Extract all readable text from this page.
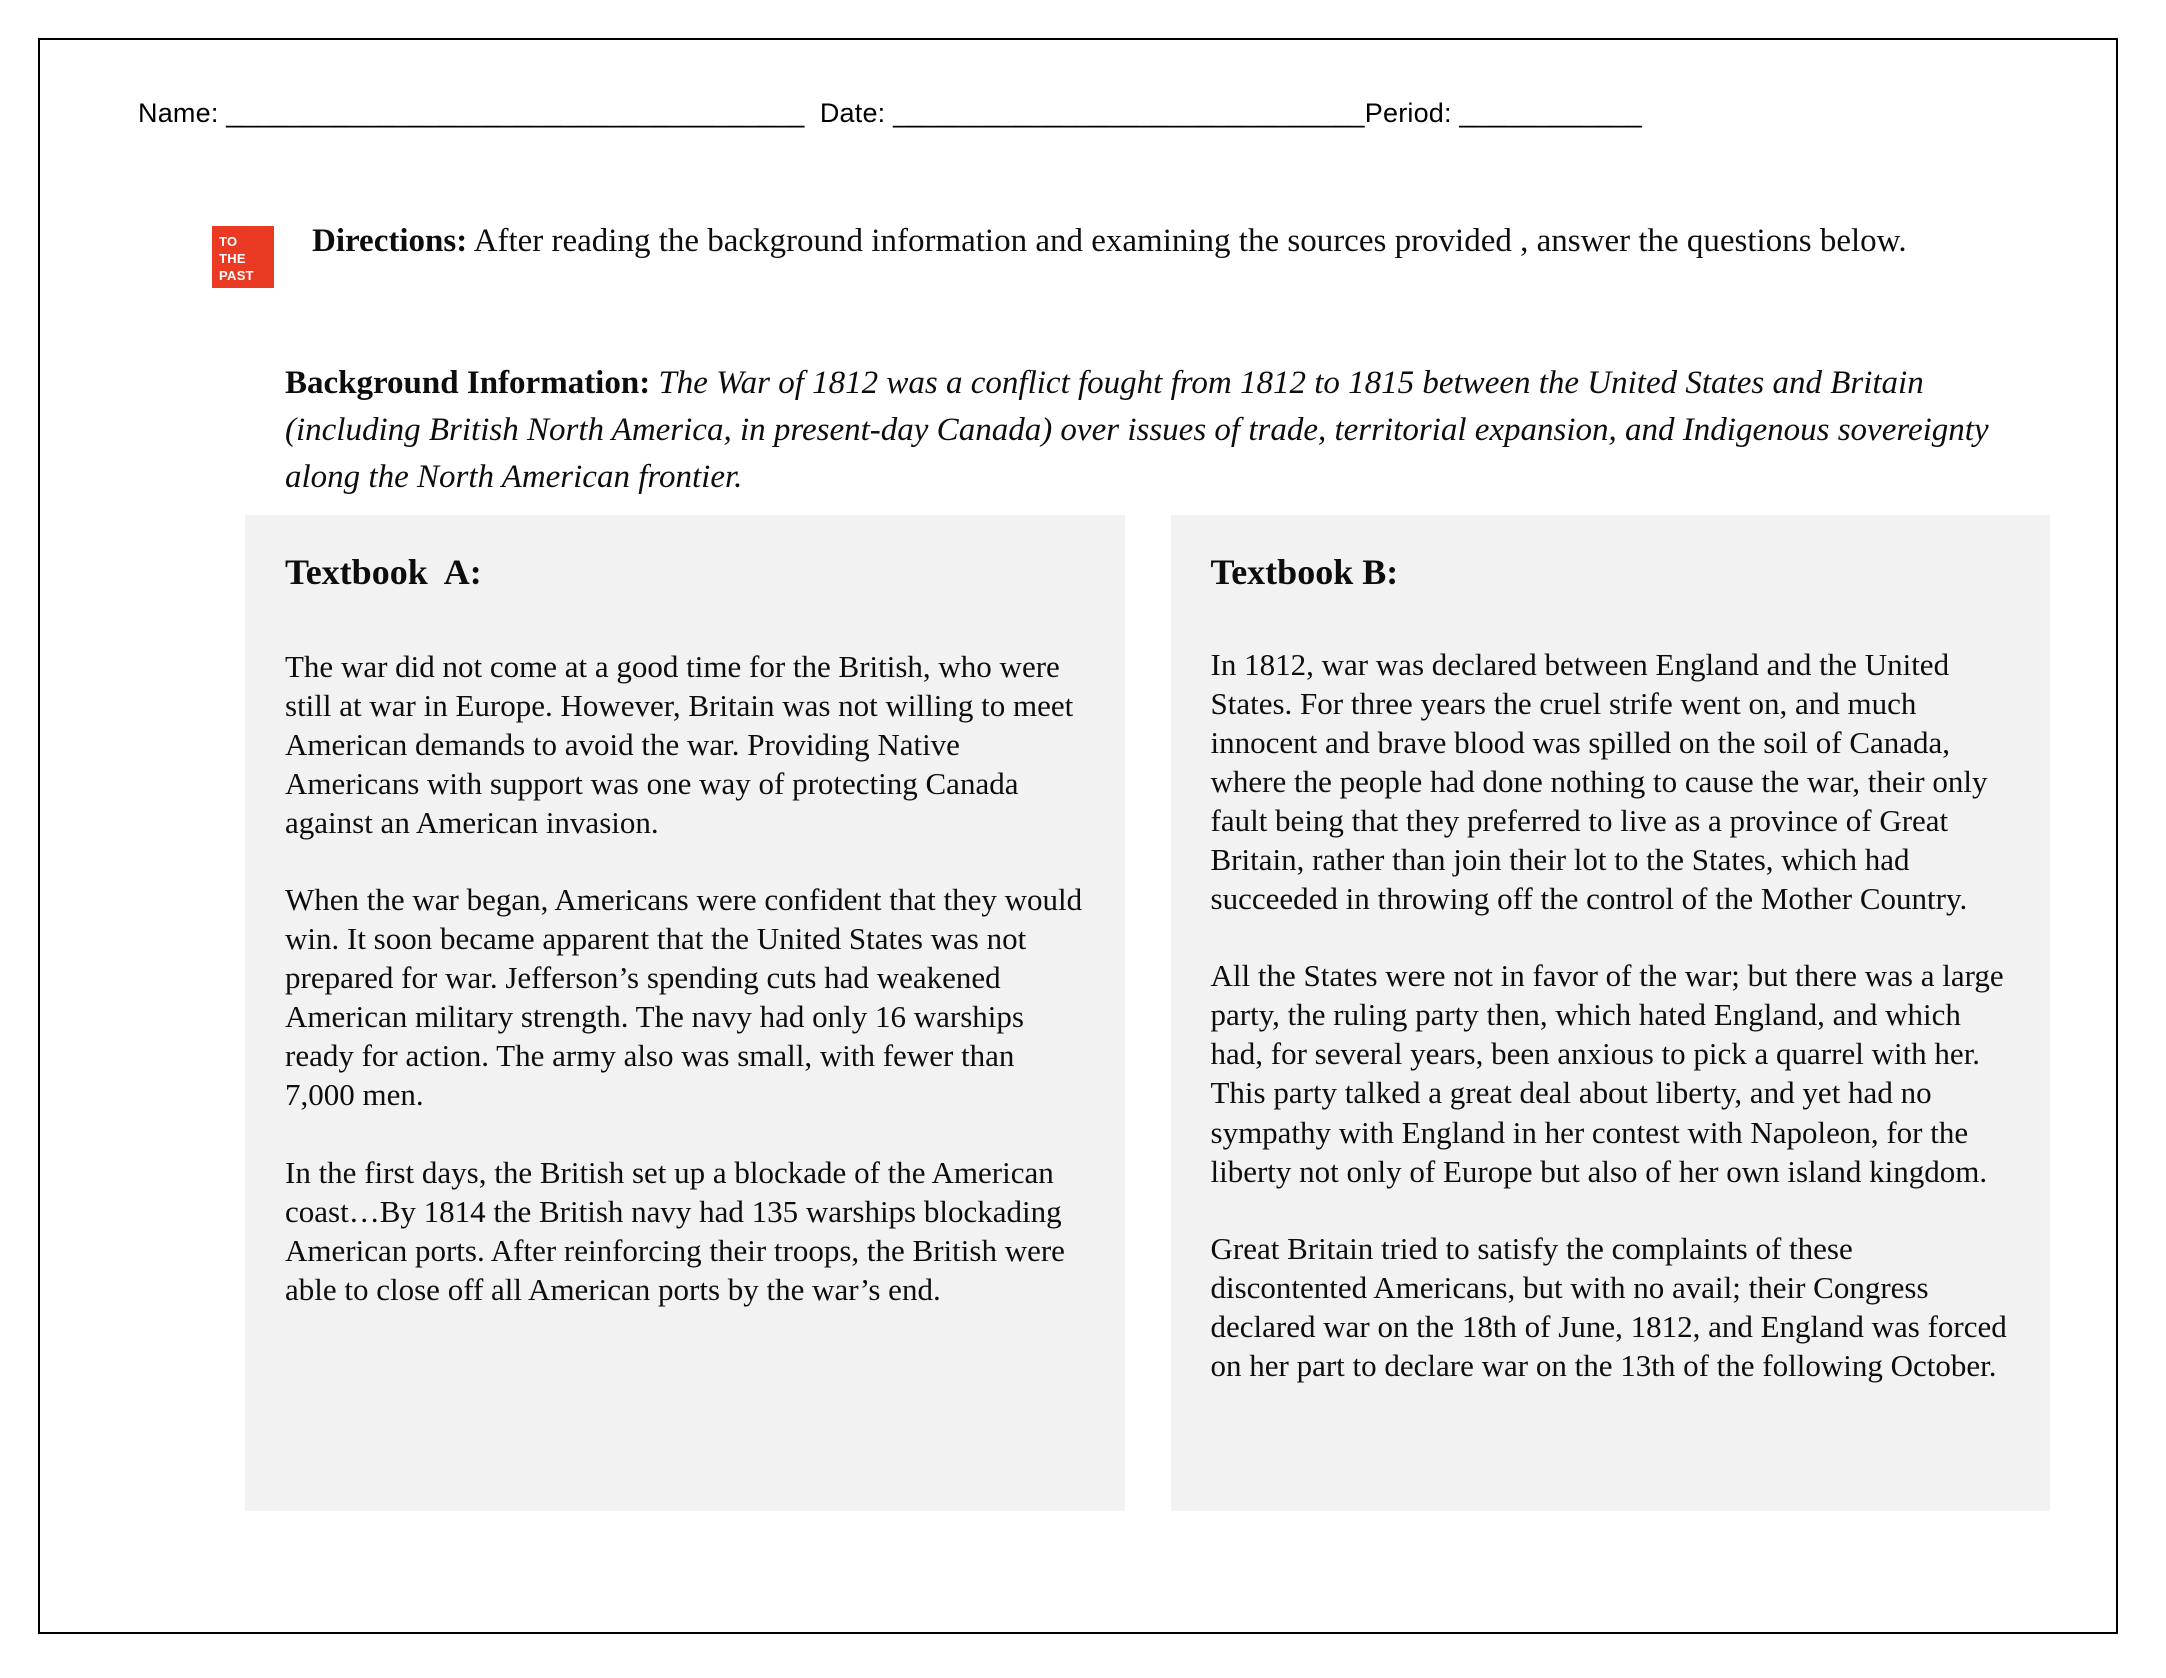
Name: ______________________________________  Date: _______________________________Period: ____________
TO
THE
PAST
Directions: After reading the background information and examining the sources provided , answer the questions below.
Background Information: The War of 1812 was a conflict fought from 1812 to 1815 between the United States and Britain (including British North America, in present-day Canada) over issues of trade, territorial expansion, and Indigenous sovereignty along the North American frontier.
Textbook  A:

The war did not come at a good time for the British, who were still at war in Europe. However, Britain was not willing to meet American demands to avoid the war. Providing Native Americans with support was one way of protecting Canada against an American invasion.

When the war began, Americans were confident that they would win. It soon became apparent that the United States was not prepared for war. Jefferson’s spending cuts had weakened American military strength. The navy had only 16 warships ready for action. The army also was small, with fewer than 7,000 men.

In the first days, the British set up a blockade of the American coast…By 1814 the British navy had 135 warships blockading American ports. After reinforcing their troops, the British were able to close off all American ports by the war’s end.

Textbook B:

In 1812, war was declared between England and the United States. For three years the cruel strife went on, and much innocent and brave blood was spilled on the soil of Canada, where the people had done nothing to cause the war, their only fault being that they preferred to live as a province of Great Britain, rather than join their lot to the States, which had succeeded in throwing off the control of the Mother Country.

All the States were not in favor of the war; but there was a large party, the ruling party then, which hated England, and which had, for several years, been anxious to pick a quarrel with her. This party talked a great deal about liberty, and yet had no sympathy with England in her contest with Napoleon, for the liberty not only of Europe but also of her own island kingdom.

Great Britain tried to satisfy the complaints of these discontented Americans, but with no avail; their Congress declared war on the 18th of June, 1812, and England was forced on her part to declare war on the 13th of the following October.
